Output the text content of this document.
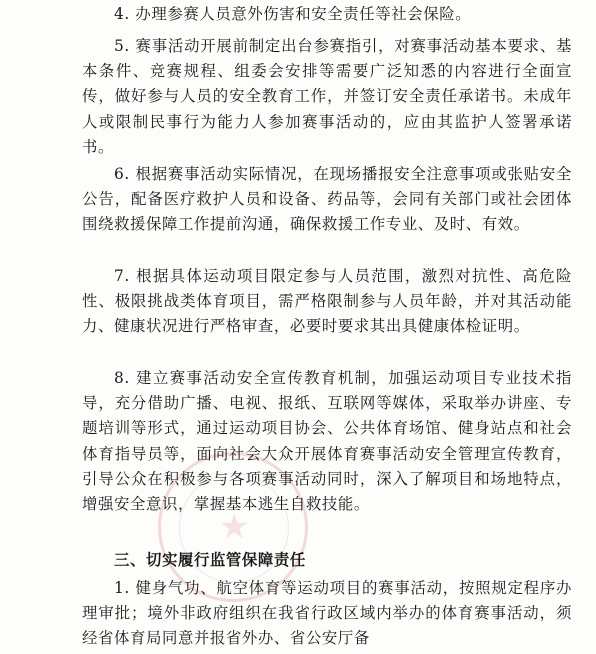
★

4. 办理参赛人员意外伤害和安全责任等社会保险。

5. 赛事活动开展前制定出台参赛指引，对赛事活动基本要求、基本条件、竞赛规程、组委会安排等需要广泛知悉的内容进行全面宣传，做好参与人员的安全教育工作，并签订安全责任承诺书。未成年人或限制民事行为能力人参加赛事活动的，应由其监护人签署承诺书。

6. 根据赛事活动实际情况，在现场播报安全注意事项或张贴安全公告，配备医疗救护人员和设备、药品等，会同有关部门或社会团体围绕救援保障工作提前沟通，确保救援工作专业、及时、有效。

7. 根据具体运动项目限定参与人员范围，激烈对抗性、高危险性、极限挑战类体育项目，需严格限制参与人员年龄，并对其活动能力、健康状况进行严格审查，必要时要求其出具健康体检证明。

8. 建立赛事活动安全宣传教育机制，加强运动项目专业技术指导，充分借助广播、电视、报纸、互联网等媒体，采取举办讲座、专题培训等形式，通过运动项目协会、公共体育场馆、健身站点和社会体育指导员等，面向社会大众开展体育赛事活动安全管理宣传教育，引导公众在积极参与各项赛事活动同时，深入了解项目和场地特点，增强安全意识，掌握基本逃生自救技能。

三、切实履行监管保障责任

1. 健身气功、航空体育等运动项目的赛事活动，按照规定程序办理审批；境外非政府组织在我省行政区域内举办的体育赛事活动，须经省体育局同意并报省外办、省公安厅备
